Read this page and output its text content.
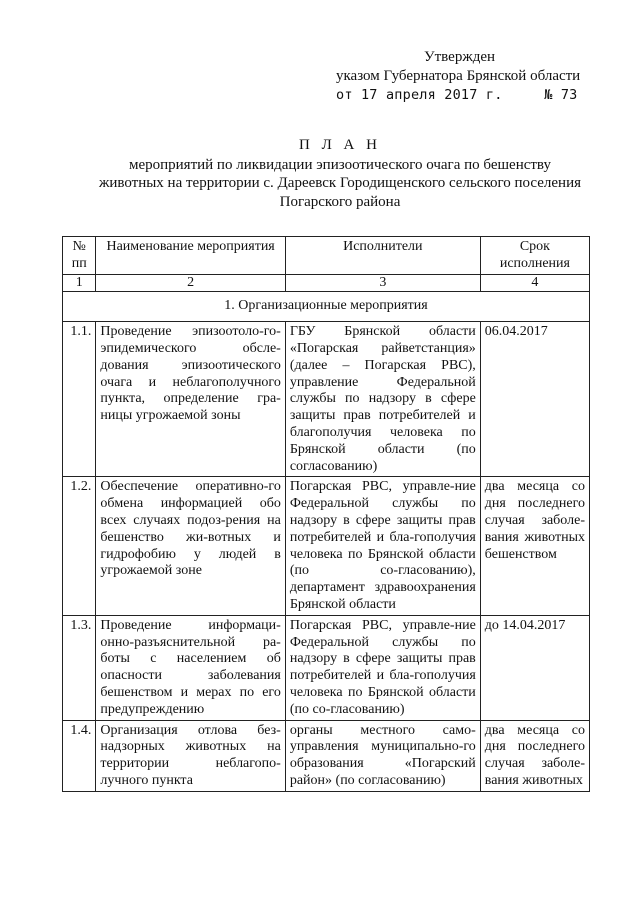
Утвержден
указом Губернатора Брянской области
от 17 апреля 2017 г.     № 73
П Л А Н
мероприятий по ликвидации эпизоотического очага по бешенству
животных на территории с. Дареевск Городищенского сельского поселения
Погарского района
№ пп	Наименование мероприятия	Исполнители	Срок исполнения
1	2	3	4
1. Организационные мероприятия			
1.1.	Проведение эпизоотоло-го-эпидемического обсле-дования эпизоотического очага и неблагополучного пункта, определение гра-ницы угрожаемой зоны	ГБУ Брянской области «Погарская райветстанция» (далее – Погарская РВС), управление Федеральной службы по надзору в сфере защиты прав потребителей и благополучия человека по Брянской области (по согласованию)	06.04.2017
1.2.	Обеспечение оперативно-го обмена информацией обо всех случаях подоз-рения на бешенство жи-вотных и гидрофобию у людей в угрожаемой зоне	Погарская РВС, управле-ние Федеральной службы по надзору в сфере защиты прав потребителей и бла-гополучия человека по Брянской области (по со-гласованию), департамент здравоохранения Брянской области	два месяца со дня последнего случая заболе-вания животных бешенством
1.3.	Проведение информаци-онно-разъяснительной ра-боты с населением об опасности заболевания бешенством и мерах по его предупреждению	Погарская РВС, управле-ние Федеральной службы по надзору в сфере защиты прав потребителей и бла-гополучия человека по Брянской области (по со-гласованию)	до 14.04.2017
1.4.	Организация отлова без-надзорных животных на территории неблагопо-лучного пункта	органы местного само-управления муниципально-го образования «Погарский район» (по согласованию)	два месяца со дня последнего случая заболе-вания животных
